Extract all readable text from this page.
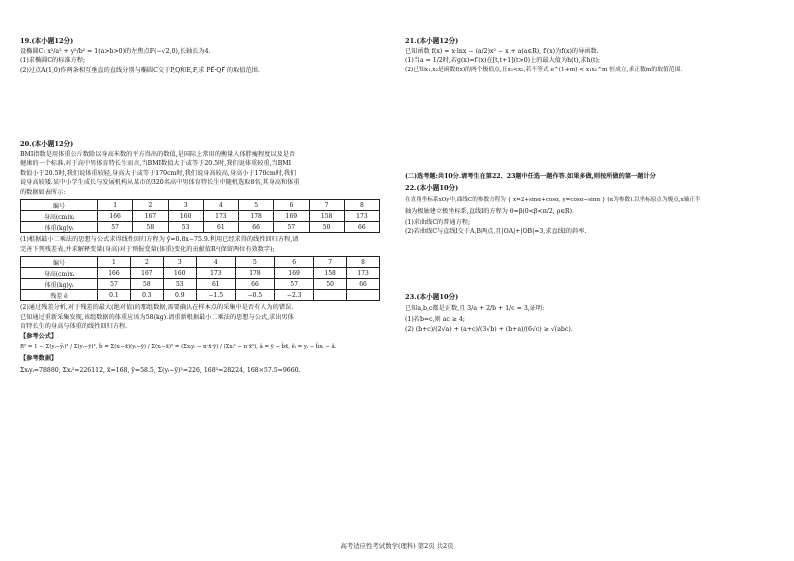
19.(本小题12分)
设椭圆C: x²/a² + y²/b² = 1(a>b>0)的左焦点F(−√2,0),长轴长为4.
(1)求椭圆C的标准方程;
(2)过点A(1,0)作两条相互垂直的直线分别与椭圆C交于P,Q和E,F,求 PE⃗·QF⃗ 的取值范围.
20.(本小题12分)
BMI指数是用体重公斤数除以身高米数的平方得出的数值,是国际上常用的衡量人体胖瘦程度以及是否
健康的一个标准.对于高中男体育特长生而言,当BMI数值大于或等于20.5时,我们说体重较重,当BMI
数值小于20.5时,我们说体重较轻,身高大于或等于170cm时,我们说身高较高,身高小于170cm时,我们
说身高较矮.某中小学生成长与发展机构从某市的320名高中男体育特长生中随机选取8名,其身高和体重
的数据如表所示:
编号	1	2	3	4	5	6	7	8
身高(cm)xᵢ	166	167	160	173	178	169	158	173
体重(kg)yᵢ	57	58	53	61	66	57	50	66
(1)根据最小二乘法的思想与公式求得线性回归方程为 ŷ=0.8x−75.9.利用已经求得的线性回归方程,请
完善下列残差表,并求解释变量(身高)对于预报变量(体重)变化的贡献值R²(保留两位有效数字);
编号	1	2	3	4	5	6	7	8
身高(cm)xᵢ	166	167	160	173	178	169	158	173
体重(kg)yᵢ	57	58	53	61	66	57	50	66
残差 ê	0.1	0.3	0.9	−1.5	−0.5	−2.3		
(2)通过残差分析,对于残差的最大(绝对值)的那组数据,需要确认在样本点的采集中是否有人为的错误.
已知通过重新采集发现,该组数据的体重应该为58(kg).请重新根据最小二乘法的思想与公式,求出男体
育特长生的身高与体重的线性回归方程.
【参考公式】
R² = 1 − Σ(yᵢ−ŷᵢ)² / Σ(yᵢ−ȳ)², b̂ = Σ(xᵢ−x̄)(yᵢ−ȳ) / Σ(xᵢ−x̄)² = (Σxᵢyᵢ − n·x̄·ȳ) / (Σxᵢ² − n·x̄²), â = ȳ − b̂x̄, êᵢ = yᵢ − b̂xᵢ − â.
【参考数据】
Σxᵢyᵢ=78880, Σxᵢ²=226112, x̄=168, ȳ=58.5, Σ(yᵢ−ȳ)²=226, 168²=28224, 168×57.5=9660.
21.(本小题12分)
已知函数 f(x) = x·lnx − (a/2)x² − x + a(a∈R), f′(x)为f(x)的导函数.
(1)当a = 1/2时,若g(x)=f′(x)在[t,t+1](t>0)上的最大值为h(t),求h(t);
(2)已知x₁,x₂是函数f(x)的两个极值点,且x₁<x₂,若不等式 e^(1+m) < x₁x₂^m 恒成立,求正数m的取值范围.
(二)选考题:共10分.请考生在第22、23题中任选一题作答.如果多做,则按所做的第一题计分
22.(本小题10分)
在直角坐标系xOy中,曲线C的参数方程为 { x=2+sinα+cosα, y=cosα−sinα } (α为参数).以坐标原点为极点,x轴正半
轴为极轴建立极坐标系,直线l的方程为 θ=β(0<β<π/2, ρ∈R).
(1)求曲线C的普通方程;
(2)若曲线C与直线l交于A,B两点,且|OA|+|OB|=3,求直线l的斜率.
23.(本小题10分)
已知a,b,c都是正数,且 3/a + 2/b + 1/c = 3,证明:
(1)若b=c,则 ac ≥ 4;
(2) (b+c)/(2√a) + (a+c)/(3√b) + (b+a)/(6√c) ≥ √(abc).
高考适应性考试数学(理科) 第2页 共2页
